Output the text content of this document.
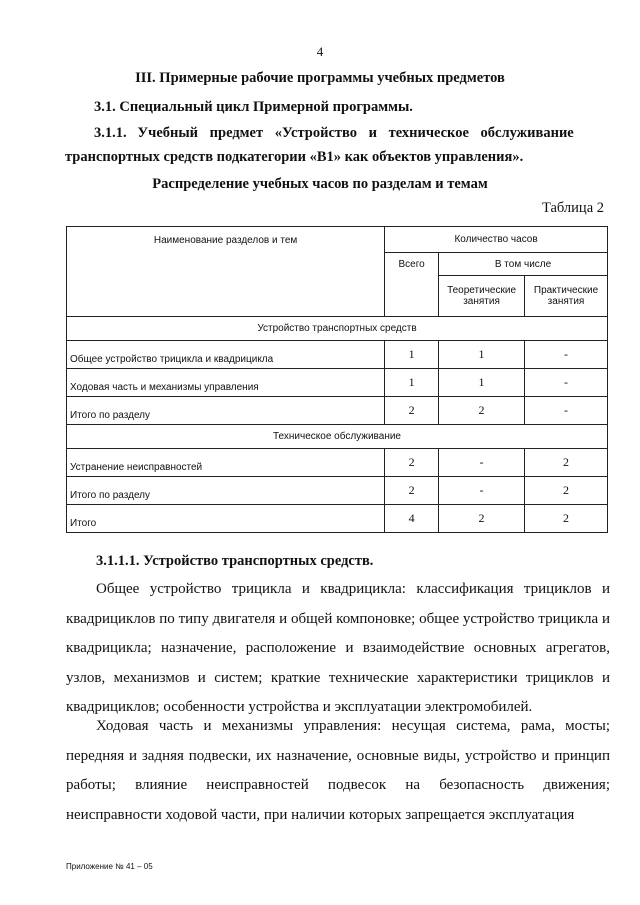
4
III. Примерные рабочие программы учебных предметов
3.1. Специальный цикл Примерной программы.
3.1.1. Учебный предмет «Устройство и техническое обслуживание
транспортных средств подкатегории «В1» как объектов управления».
Распределение учебных часов по разделам и темам
Таблица 2
Наименование разделов и тем	Количество часов		
	Всего	В том числе	
		Теоретические занятия	Практические занятия
Устройство транспортных средств			
Общее устройство трицикла и квадрицикла	1	1	-
Ходовая часть и механизмы управления	1	1	-
Итого по разделу	2	2	-
Техническое обслуживание			
Устранение неисправностей	2	-	2
Итого по разделу	2	-	2
Итого	4	2	2
3.1.1.1. Устройство транспортных средств.
Общее устройство трицикла и квадрицикла: классификация трициклов и квадрициклов по типу двигателя и общей компоновке; общее устройство трицикла и квадрицикла; назначение, расположение и взаимодействие основных агрегатов, узлов, механизмов и систем; краткие технические характеристики трициклов и квадрициклов; особенности устройства и эксплуатации электромобилей.
Ходовая часть и механизмы управления: несущая система, рама, мосты; передняя и задняя подвески, их назначение, основные виды, устройство и принцип работы; влияние неисправностей подвесок на безопасность движения; неисправности ходовой части, при наличии которых запрещается эксплуатация
Приложение № 41 – 05
